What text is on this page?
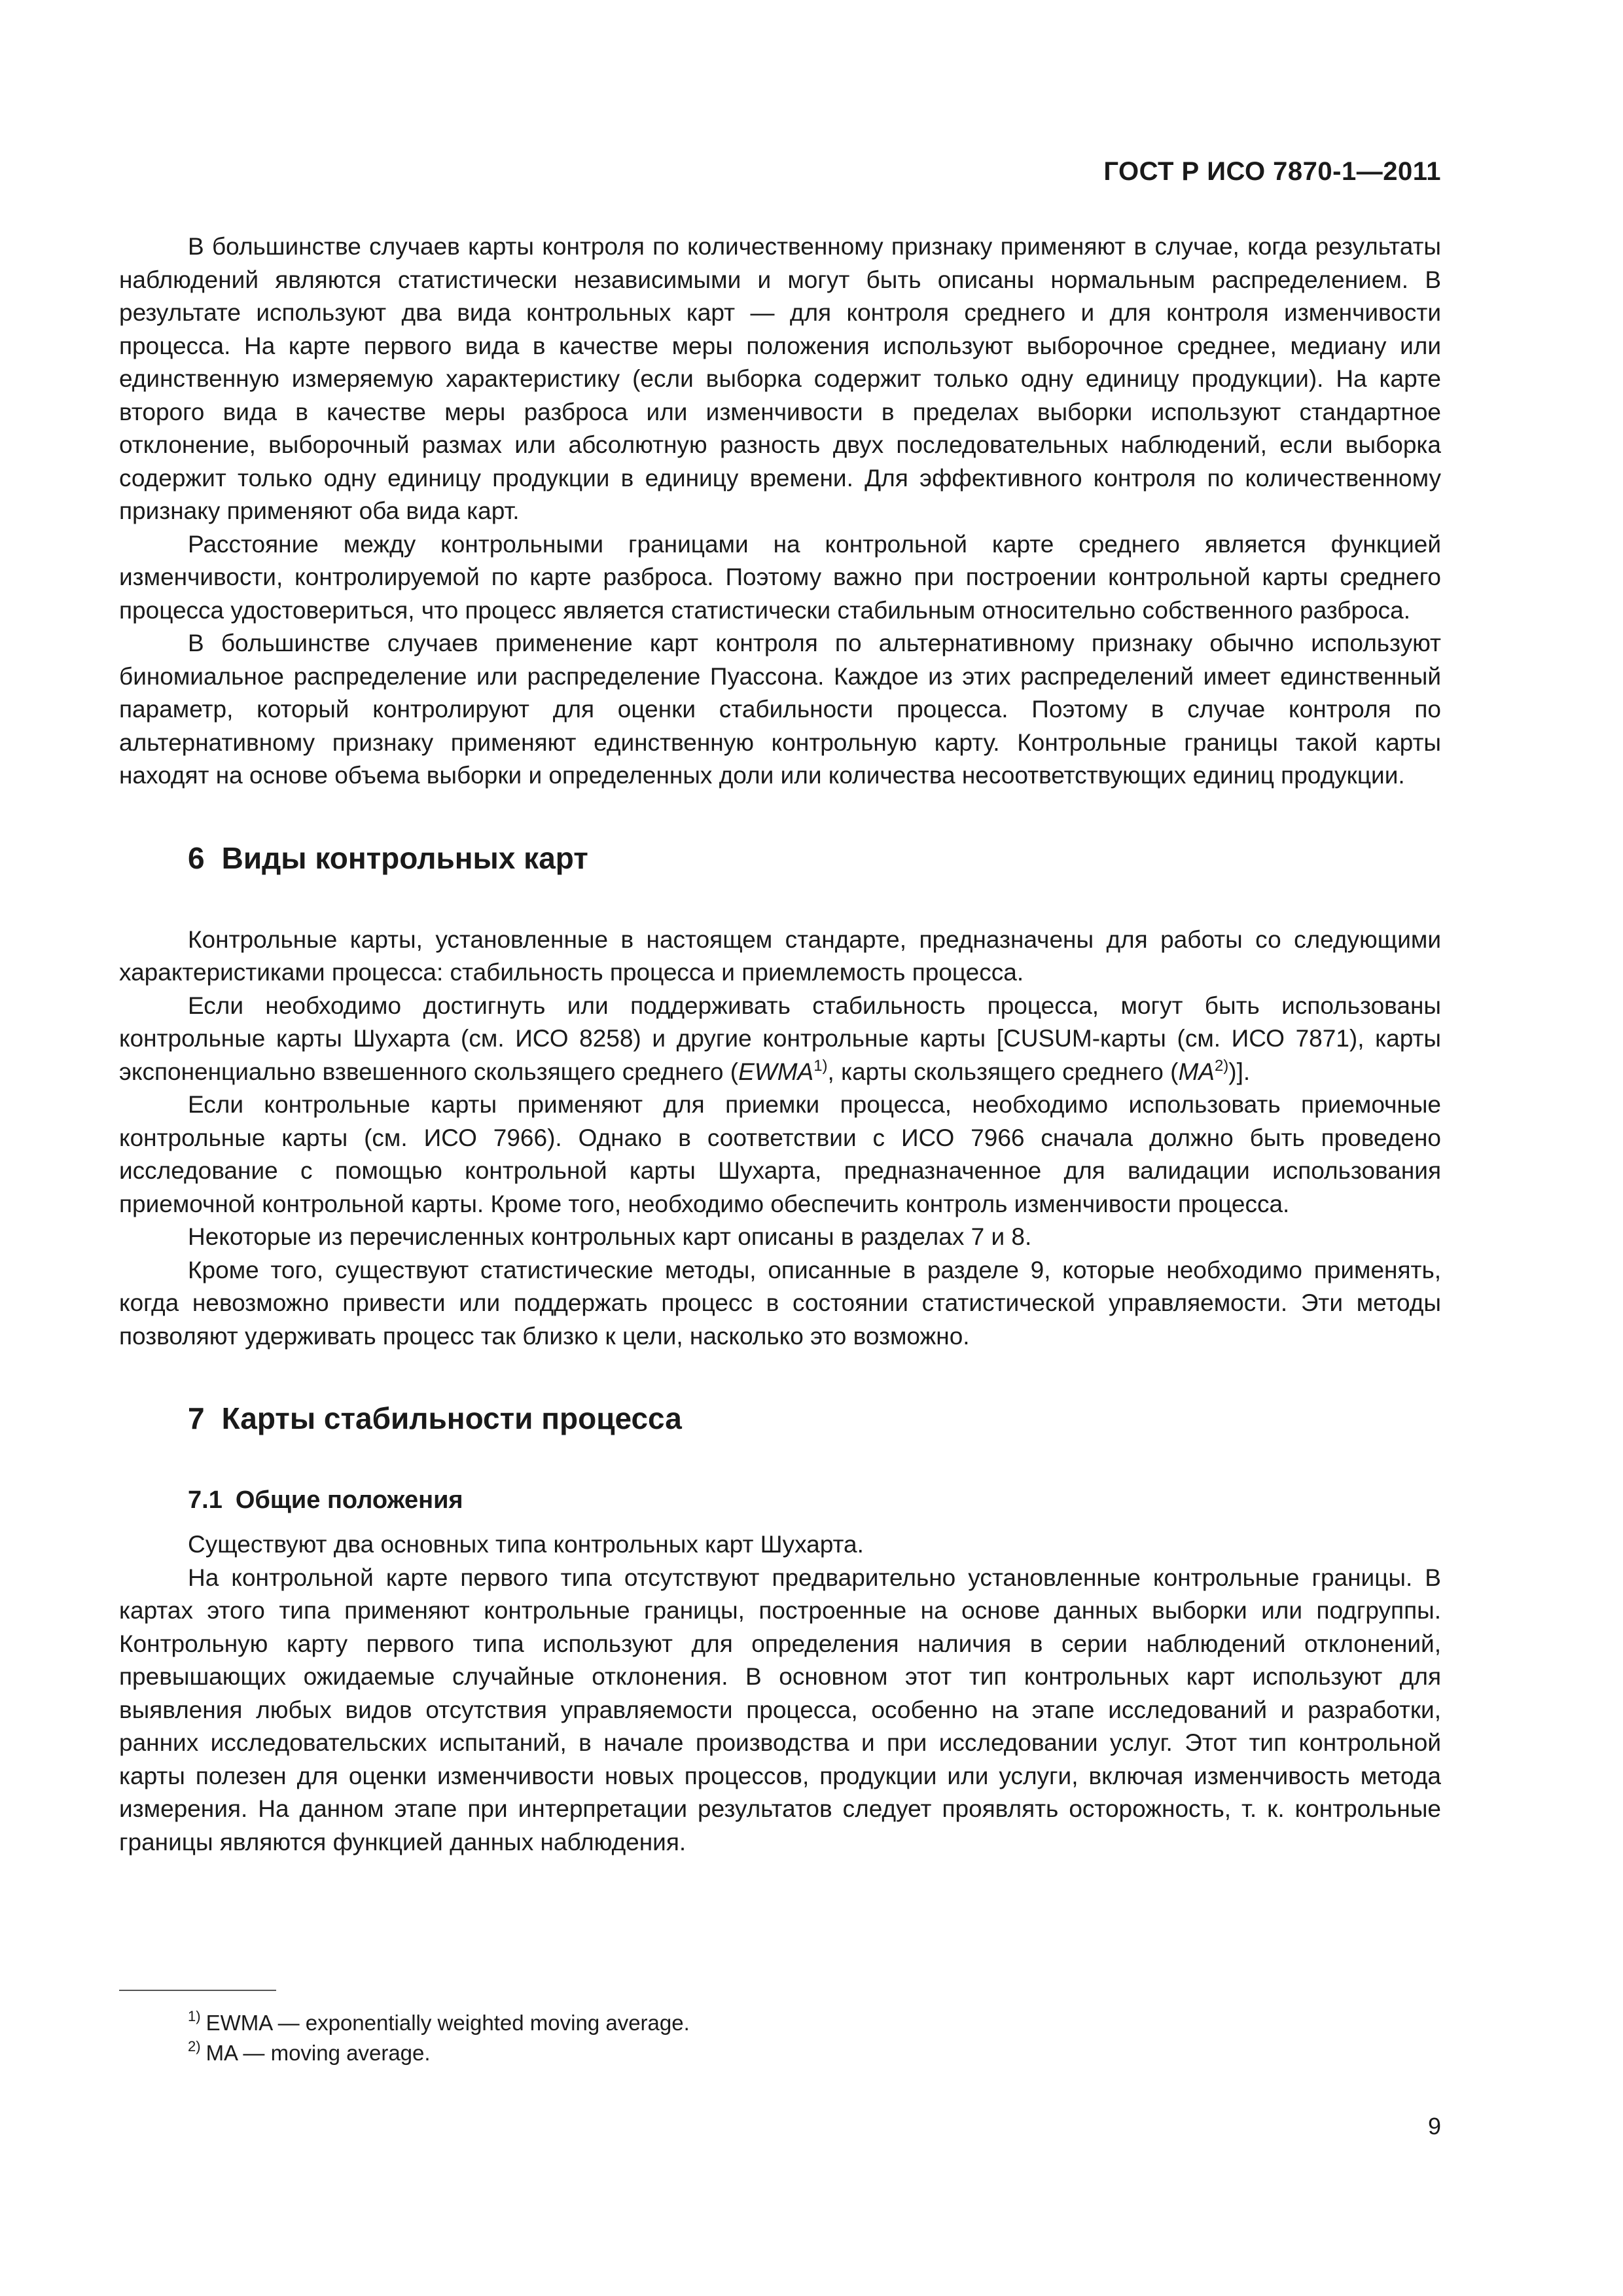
ГОСТ Р ИСО 7870-1—2011

В большинстве случаев карты контроля по количественному признаку применяют в случае, когда результаты наблюдений являются статистически независимыми и могут быть описаны нормальным распределением. В результате используют два вида контрольных карт — для контроля среднего и для контроля изменчивости процесса. На карте первого вида в качестве меры положения используют выборочное среднее, медиану или единственную измеряемую характеристику (если выборка содержит только одну единицу продукции). На карте второго вида в качестве меры разброса или изменчивости в пределах выборки используют стандартное отклонение, выборочный размах или абсолютную разность двух последовательных наблюдений, если выборка содержит только одну единицу продукции в единицу времени. Для эффективного контроля по количественному признаку применяют оба вида карт.

Расстояние между контрольными границами на контрольной карте среднего является функцией изменчивости, контролируемой по карте разброса. Поэтому важно при построении контрольной карты среднего процесса удостовериться, что процесс является статистически стабильным относительно собственного разброса.

В большинстве случаев применение карт контроля по альтернативному признаку обычно используют биномиальное распределение или распределение Пуассона. Каждое из этих распределений имеет единственный параметр, который контролируют для оценки стабильности процесса. Поэтому в случае контроля по альтернативному признаку применяют единственную контрольную карту. Контрольные границы такой карты находят на основе объема выборки и определенных доли или количества несоответствующих единиц продукции.

6 Виды контрольных карт

Контрольные карты, установленные в настоящем стандарте, предназначены для работы со следующими характеристиками процесса: стабильность процесса и приемлемость процесса.

Если необходимо достигнуть или поддерживать стабильность процесса, могут быть использованы контрольные карты Шухарта (см. ИСО 8258) и другие контрольные карты [CUSUM-карты (см. ИСО 7871), карты экспоненциально взвешенного скользящего среднего (EWMA$^{1)}$, карты скользящего среднего (MA$^{2)}$)].

Если контрольные карты применяют для приемки процесса, необходимо использовать приемочные контрольные карты (см. ИСО 7966). Однако в соответствии с ИСО 7966 сначала должно быть проведено исследование с помощью контрольной карты Шухарта, предназначенное для валидации использования приемочной контрольной карты. Кроме того, необходимо обеспечить контроль изменчивости процесса.

Некоторые из перечисленных контрольных карт описаны в разделах 7 и 8.

Кроме того, существуют статистические методы, описанные в разделе 9, которые необходимо применять, когда невозможно привести или поддержать процесс в состоянии статистической управляемости. Эти методы позволяют удерживать процесс так близко к цели, насколько это возможно.

7 Карты стабильности процесса
7.1 Общие положения

Существуют два основных типа контрольных карт Шухарта.

На контрольной карте первого типа отсутствуют предварительно установленные контрольные границы. В картах этого типа применяют контрольные границы, построенные на основе данных выборки или подгруппы. Контрольную карту первого типа используют для определения наличия в серии наблюдений отклонений, превышающих ожидаемые случайные отклонения. В основном этот тип контрольных карт используют для выявления любых видов отсутствия управляемости процесса, особенно на этапе исследований и разработки, ранних исследовательских испытаний, в начале производства и при исследовании услуг. Этот тип контрольной карты полезен для оценки изменчивости новых процессов, продукции или услуги, включая изменчивость метода измерения. На данном этапе при интерпретации результатов следует проявлять осторожность, т. к. контрольные границы являются функцией данных наблюдения.

$^{1)}$ EWMA — exponentially weighted moving average.

$^{2)}$ MA — moving average.

9
